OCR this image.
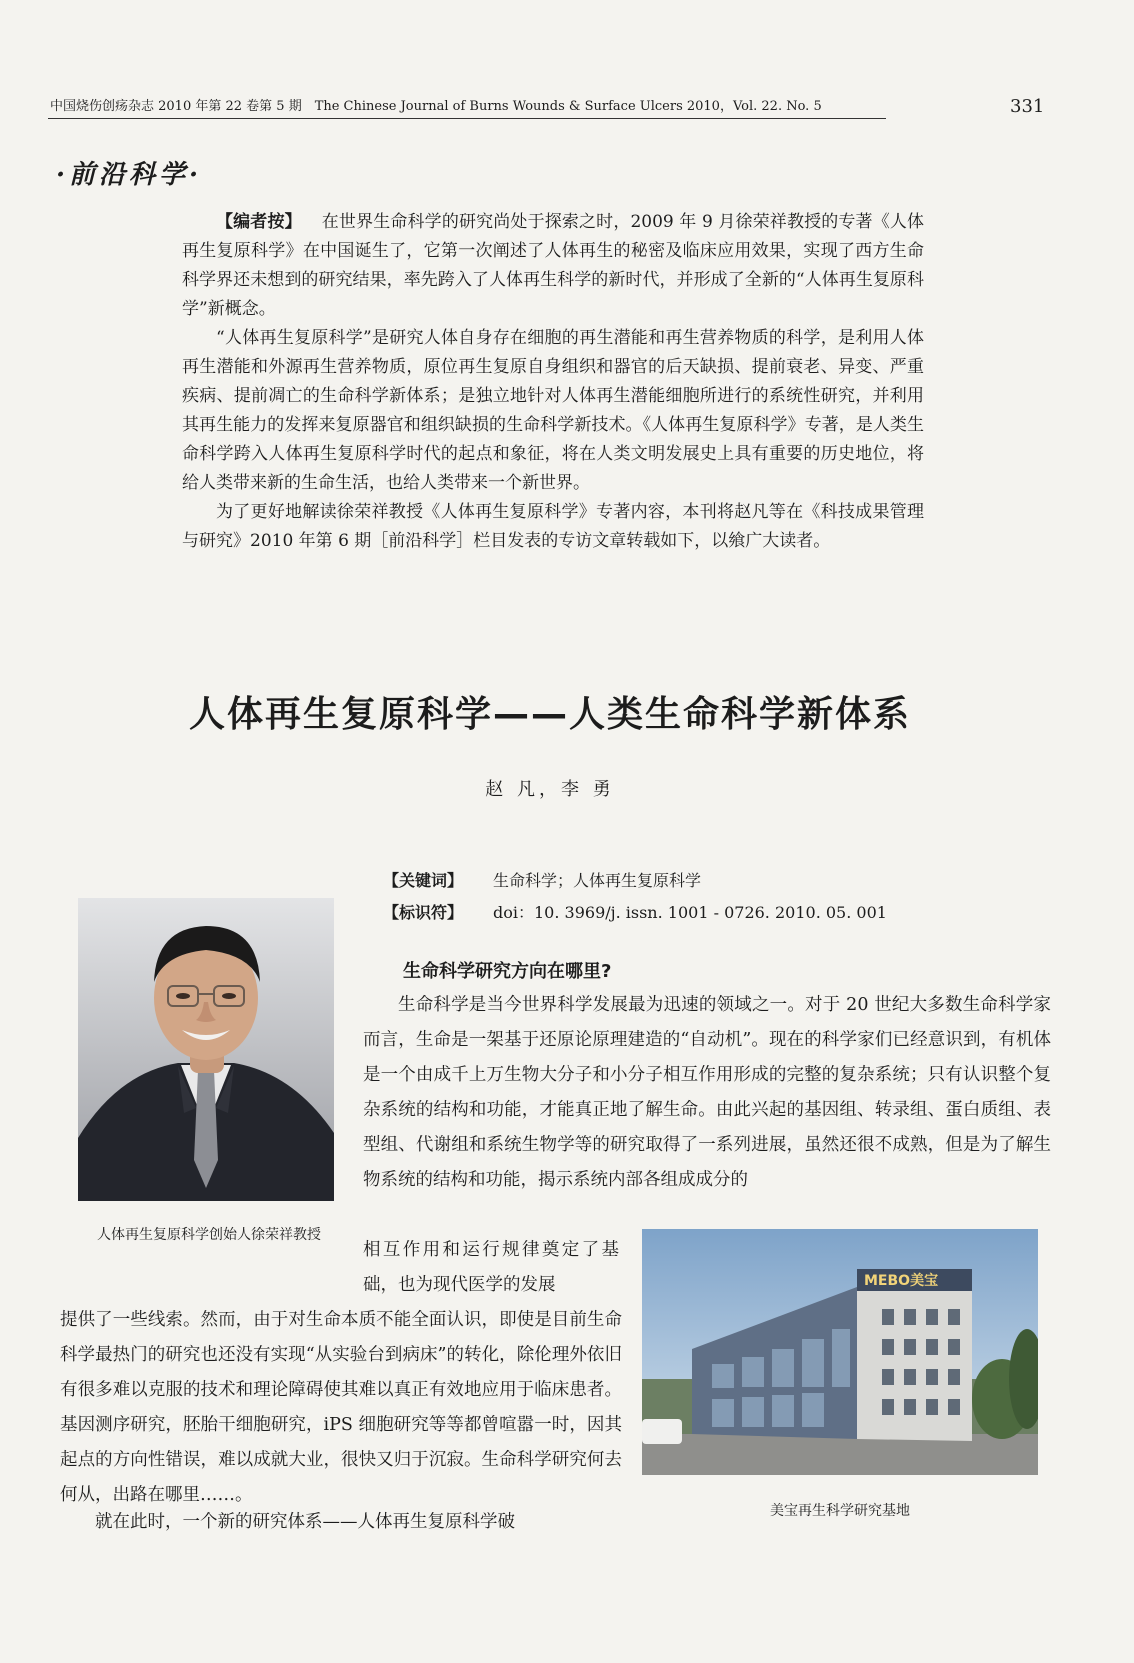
中国烧伤创疡杂志 2010 年第 22 卷第 5 期　The Chinese Journal of Burns Wounds & Surface Ulcers 2010，Vol. 22. No. 5	331
·前沿科学·

【编者按】 在世界生命科学的研究尚处于探索之时，2009 年 9 月徐荣祥教授的专著《人体再生复原科学》在中国诞生了，它第一次阐述了人体再生的秘密及临床应用效果，实现了西方生命科学界还未想到的研究结果，率先跨入了人体再生科学的新时代，并形成了全新的“人体再生复原科学”新概念。

“人体再生复原科学”是研究人体自身存在细胞的再生潜能和再生营养物质的科学，是利用人体再生潜能和外源再生营养物质，原位再生复原自身组织和器官的后天缺损、提前衰老、异变、严重疾病、提前凋亡的生命科学新体系；是独立地针对人体再生潜能细胞所进行的系统性研究，并利用其再生能力的发挥来复原器官和组织缺损的生命科学新技术。《人体再生复原科学》专著，是人类生命科学跨入人体再生复原科学时代的起点和象征，将在人类文明发展史上具有重要的历史地位，将给人类带来新的生命生活，也给人类带来一个新世界。

为了更好地解读徐荣祥教授《人体再生复原科学》专著内容，本刊将赵凡等在《科技成果管理与研究》2010 年第 6 期［前沿科学］栏目发表的专访文章转载如下，以飨广大读者。

人体再生复原科学——人类生命科学新体系
赵 凡，李 勇
【关键词】	生命科学；人体再生复原科学
【标识符】	doi：10. 3969/j. issn. 1001 - 0726. 2010. 05. 001
人体再生复原科学创始人徐荣祥教授
生命科学研究方向在哪里?

生命科学是当今世界科学发展最为迅速的领域之一。对于 20 世纪大多数生命科学家而言，生命是一架基于还原论原理建造的“自动机”。现在的科学家们已经意识到，有机体是一个由成千上万生物大分子和小分子相互作用形成的完整的复杂系统；只有认识整个复杂系统的结构和功能，才能真正地了解生命。由此兴起的基因组、转录组、蛋白质组、表型组、代谢组和系统生物学等的研究取得了一系列进展，虽然还很不成熟，但是为了解生物系统的结构和功能，揭示系统内部各组成成分的

相互作用和运行规律奠定了基础，也为现代医学的发展

提供了一些线索。然而，由于对生命本质不能全面认识，即使是目前生命科学最热门的研究也还没有实现“从实验台到病床”的转化，除伦理外依旧有很多难以克服的技术和理论障碍使其难以真正有效地应用于临床患者。基因测序研究，胚胎干细胞研究，iPS 细胞研究等等都曾喧嚣一时，因其起点的方向性错误，难以成就大业，很快又归于沉寂。生命科学研究何去何从，出路在哪里……。

就在此时，一个新的研究体系——人体再生复原科学破

MEBO美宝
美宝再生科学研究基地
